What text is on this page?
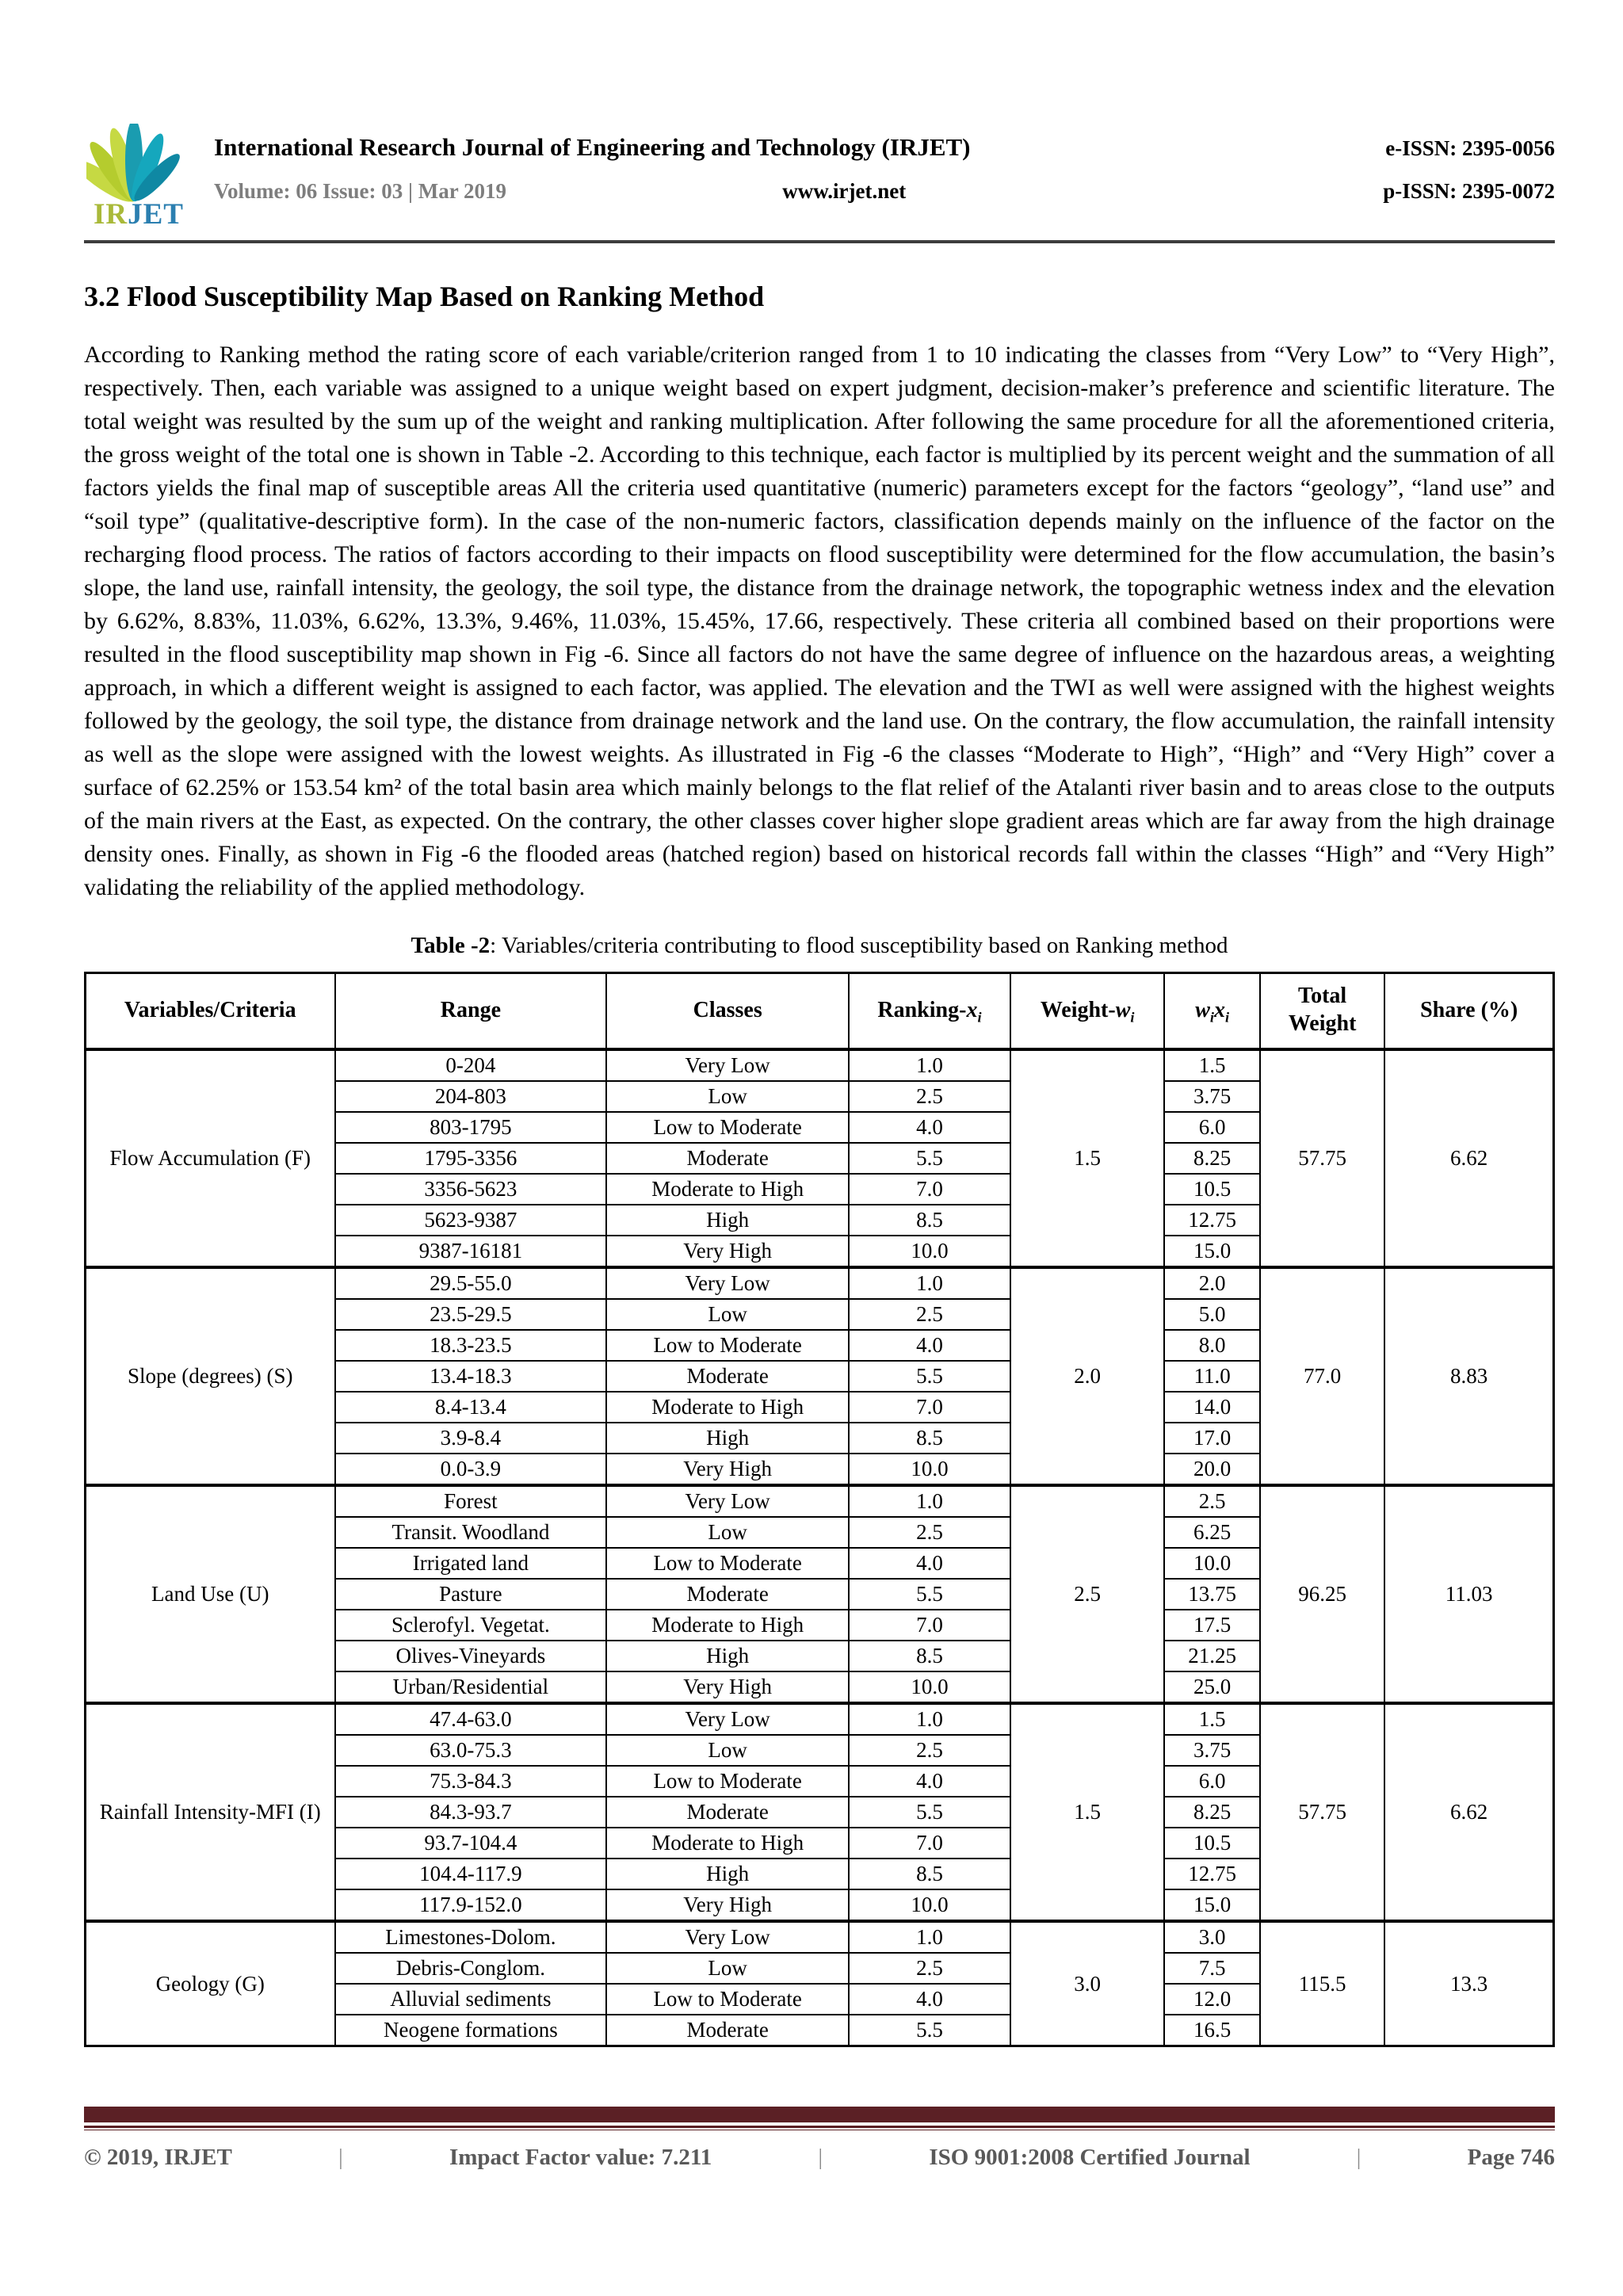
IRJET
International Research Journal of Engineering and Technology (IRJET)	e-ISSN: 2395-0056
Volume: 06 Issue: 03 | Mar 2019	www.irjet.net	p-ISSN: 2395-0072
3.2 Flood Susceptibility Map Based on Ranking Method

According to Ranking method the rating score of each variable/criterion ranged from 1 to 10 indicating the classes from “Very Low” to “Very High”, respectively. Then, each variable was assigned to a unique weight based on expert judgment, decision-maker’s preference and scientific literature. The total weight was resulted by the sum up of the weight and ranking multiplication. After following the same procedure for all the aforementioned criteria, the gross weight of the total one is shown in Table -2. According to this technique, each factor is multiplied by its percent weight and the summation of all factors yields the final map of susceptible areas All the criteria used quantitative (numeric) parameters except for the factors “geology”, “land use” and “soil type” (qualitative-descriptive form). In the case of the non-numeric factors, classification depends mainly on the influence of the factor on the recharging flood process. The ratios of factors according to their impacts on flood susceptibility were determined for the flow accumulation, the basin’s slope, the land use, rainfall intensity, the geology, the soil type, the distance from the drainage network, the topographic wetness index and the elevation by 6.62%, 8.83%, 11.03%, 6.62%, 13.3%, 9.46%, 11.03%, 15.45%, 17.66, respectively. These criteria all combined based on their proportions were resulted in the flood susceptibility map shown in Fig -6. Since all factors do not have the same degree of influence on the hazardous areas, a weighting approach, in which a different weight is assigned to each factor, was applied. The elevation and the TWI as well were assigned with the highest weights followed by the geology, the soil type, the distance from drainage network and the land use. On the contrary, the flow accumulation, the rainfall intensity as well as the slope were assigned with the lowest weights. As illustrated in Fig -6 the classes “Moderate to High”, “High” and “Very High” cover a surface of 62.25% or 153.54 km² of the total basin area which mainly belongs to the flat relief of the Atalanti river basin and to areas close to the outputs of the main rivers at the East, as expected. On the contrary, the other classes cover higher slope gradient areas which are far away from the high drainage density ones. Finally, as shown in Fig -6 the flooded areas (hatched region) based on historical records fall within the classes “High” and “Very High” validating the reliability of the applied methodology.

Table -2: Variables/criteria contributing to flood susceptibility based on Ranking method
Variables/Criteria	Range	Classes	Ranking-$x_i$	Weight-$w_i$	$w_ix_i$	Total Weight	Share (%)
Flow Accumulation (F)	0-204	Very Low	1.0	1.5	1.5	57.75	6.62
	204-803	Low	2.5		3.75		
	803-1795	Low to Moderate	4.0		6.0		
	1795-3356	Moderate	5.5		8.25		
	3356-5623	Moderate to High	7.0		10.5		
	5623-9387	High	8.5		12.75		
	9387-16181	Very High	10.0		15.0		
Slope (degrees) (S)	29.5-55.0	Very Low	1.0	2.0	2.0	77.0	8.83
	23.5-29.5	Low	2.5		5.0		
	18.3-23.5	Low to Moderate	4.0		8.0		
	13.4-18.3	Moderate	5.5		11.0		
	8.4-13.4	Moderate to High	7.0		14.0		
	3.9-8.4	High	8.5		17.0		
	0.0-3.9	Very High	10.0		20.0		
Land Use (U)	Forest	Very Low	1.0	2.5	2.5	96.25	11.03
	Transit. Woodland	Low	2.5		6.25		
	Irrigated land	Low to Moderate	4.0		10.0		
	Pasture	Moderate	5.5		13.75		
	Sclerofyl. Vegetat.	Moderate to High	7.0		17.5		
	Olives-Vineyards	High	8.5		21.25		
	Urban/Residential	Very High	10.0		25.0		
Rainfall Intensity-MFI (I)	47.4-63.0	Very Low	1.0	1.5	1.5	57.75	6.62
	63.0-75.3	Low	2.5		3.75		
	75.3-84.3	Low to Moderate	4.0		6.0		
	84.3-93.7	Moderate	5.5		8.25		
	93.7-104.4	Moderate to High	7.0		10.5		
	104.4-117.9	High	8.5		12.75		
	117.9-152.0	Very High	10.0		15.0		
Geology (G)	Limestones-Dolom.	Very Low	1.0	3.0	3.0	115.5	13.3
	Debris-Conglom.	Low	2.5		7.5		
	Alluvial sediments	Low to Moderate	4.0		12.0		
	Neogene formations	Moderate	5.5		16.5		
© 2019, IRJET	|	Impact Factor value: 7.211	|	ISO 9001:2008 Certified Journal	|	Page 746
